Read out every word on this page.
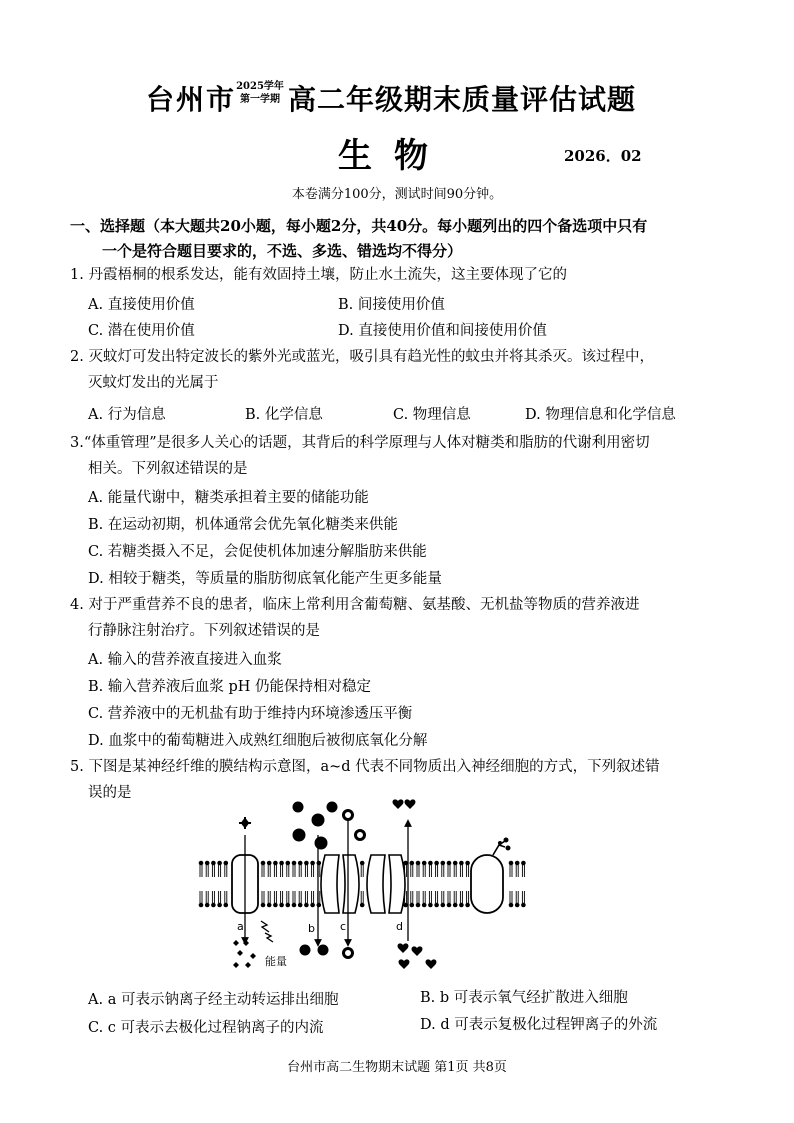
台州市 2025学年
第一学期 高二年级期末质量评估试题
生物	2026．02
本卷满分100分，测试时间90分钟。
一、选择题（本大题共20小题，每小题2分，共40分。每小题列出的四个备选项中只有
一个是符合题目要求的，不选、多选、错选均不得分）
1. 丹霞梧桐的根系发达，能有效固持土壤，防止水土流失，这主要体现了它的
A. 直接使用价值	B. 间接使用价值
C. 潜在使用价值	D. 直接使用价值和间接使用价值
2. 灭蚊灯可发出特定波长的紫外光或蓝光，吸引具有趋光性的蚊虫并将其杀灭。该过程中，
灭蚊灯发出的光属于
A. 行为信息	B. 化学信息	C. 物理信息	D. 物理信息和化学信息
3.“体重管理”是很多人关心的话题，其背后的科学原理与人体对糖类和脂肪的代谢利用密切
相关。下列叙述错误的是
A. 能量代谢中，糖类承担着主要的储能功能
B. 在运动初期，机体通常会优先氧化糖类来供能
C. 若糖类摄入不足，会促使机体加速分解脂肪来供能
D. 相较于糖类，等质量的脂肪彻底氧化能产生更多能量
4. 对于严重营养不良的患者，临床上常利用含葡萄糖、氨基酸、无机盐等物质的营养液进
行静脉注射治疗。下列叙述错误的是
A. 输入的营养液直接进入血浆
B. 输入营养液后血浆 pH 仍能保持相对稳定
C. 营养液中的无机盐有助于维持内环境渗透压平衡
D. 血浆中的葡萄糖进入成熟红细胞后被彻底氧化分解
5. 下图是某神经纤维的膜结构示意图，a~d 代表不同物质出入神经细胞的方式，下列叙述错
误的是
a	b c	d
能量
A. a 可表示钠离子经主动转运排出细胞	B. b 可表示氧气经扩散进入细胞
C. c 可表示去极化过程钠离子的内流	D. d 可表示复极化过程钾离子的外流
台州市高二生物期末试题 第1页 共8页
